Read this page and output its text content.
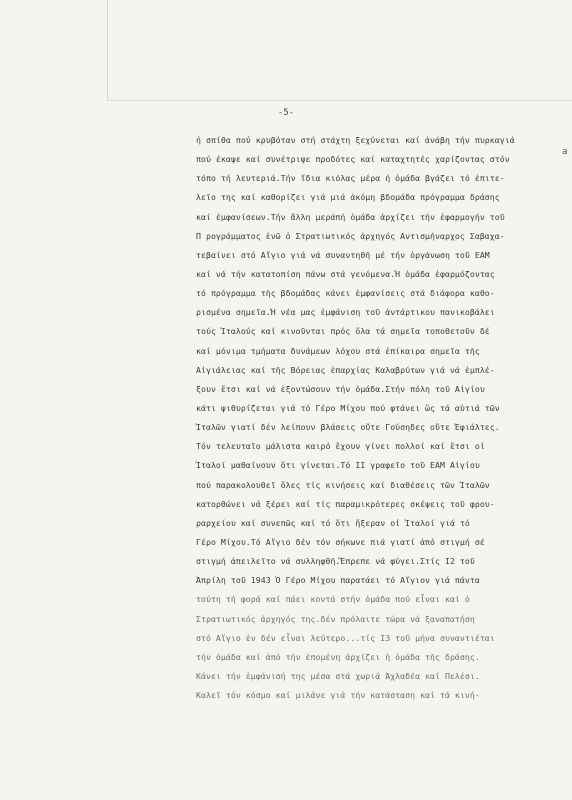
-5-
a
ή σπίθα πού κρυβόταν στή στάχτη ξεχύνεται καί ἀνάβη τήν πυρκαγιά
πού έκαψε καί συνέτριψε προδότες καί καταχτητές χαρίζοντας στόν
τόπο τή λευτεριά.Τήν ἴδια κιόλας μέρα ή ὁμάδα βγάζει τό ἐπιτε-
λεῖο της καί καθορίζει γιά μιά ἀκόμη βδομάδα πρόγραμμα δράσης
καί ἐμφανίσεων.Τήν ἄλλη μεράπή ὁμάδα ἀρχίζει τήν ἐφαρμογήν τοῦ
Π ρογράμματος ἐνῶ ὁ Στρατιωτικός ἀρχηγός Αντισμήναρχος Σαβαχα-
τεβαίνει στό Αἴγιο γιά νά συναντηθῆ μέ τήν ὀργάνωση τοῦ ΕΑΜ
καί νά τήν κατατοπίση πάνω στά γενόμενα.Ἡ ὁμάδα ἐφαρμόζοντας
τό πρόγραμμα τῆς βδομάδας κάνει ἐμφανίσεις στά διάφορα καθο-
ρισμένα σημεῖα.Ἡ νέα μας ἐμφάνιση τοῦ ἀντάρτικου πανικοβάλει
τούς Ἰταλούς καί κινοῦνται πρός ὅλα τά σημεῖα τοποθετοῦν δέ
καί μόνιμα τμήματα δυνάμεων λόχου στά ἐπίκαιρα σημεῖα τῆς
Αἰγιάλειας καί τῆς Βόρειας ἐπαρχίας Καλαβρύτων γιά νά ἐμπλέ-
ξουν ἔτσι καί νά ἐξοντώσουν τήν ὁμάδα.Στήν πόλη τοῦ Αἰγίου
κάτι ψιθυρίζεται γιά τό Γέρο Μίχου πού φτάνει ὥς τά αὐτιά τῶν
Ἰταλῶν γιατί δέν λείπουν βλάσεις οὔτε Γούσηδες οὔτε Ἐφιάλτες.
Τόν τελευταῖο μάλιστα καιρό ἔχουν γίνει πολλοί καί ἔτσι οἱ
Ἰταλοί μαθαίνουν ὅτι γίνεται.Τό ΙΙ γραφεῖο τοῦ ΕΑΜ Αἰγίου
πού παρακολουθεῖ ὅλες τίς κινήσεις καί διαθέσεις τῶν Ἰταλῶν
κατορθώνει νά ξέρει καί τίς παραμικρότερες σκέψεις τοῦ φρου-
ραρχείου καί συνεπῶς καί τό ὅτι ἤξεραν οἱ Ἰταλοί γιά τό
Γέρο Μίχου.Τό Αἴγιο δέν τόν σήκωνε πιά γιατί ἀπό στιγμή σέ
στιγμή ἀπειλεῖτο νά συλληφθῆ.Ἔπρεπε νά φύγει.Στίς Ι2 τοῦ
Ἀπρίλη τοῦ 1943 Ὁ Γέρο Μίχου παρατάει τό Αἴγιον γιά πάντα
τούτη τή φορά καί πάει κοντά στήν ὁμάδα πού εἶναι καί ὁ
Στρατιωτικός ἀρχηγός της.δέν πρόλαιτε τώρα νά ξαναπατήση
στό Αἴγιο ἐν δέν εἶναι λεύτερο...τίς Ι3 τοῦ μήνα συναντιέται
τήν ὁμάδα καί ἀπό τήν ἐπομένη ἀρχίζει ἡ ὁμάδα τῆς δράσης.
Κάνει τήν ἐμφάνισή της μέσα στά χωριά Ἀχλαδέα καί Πελέσι.
Καλεῖ τόν κόσμο καί μιλάνε γιά τήν κατάσταση καί τά κινή-
